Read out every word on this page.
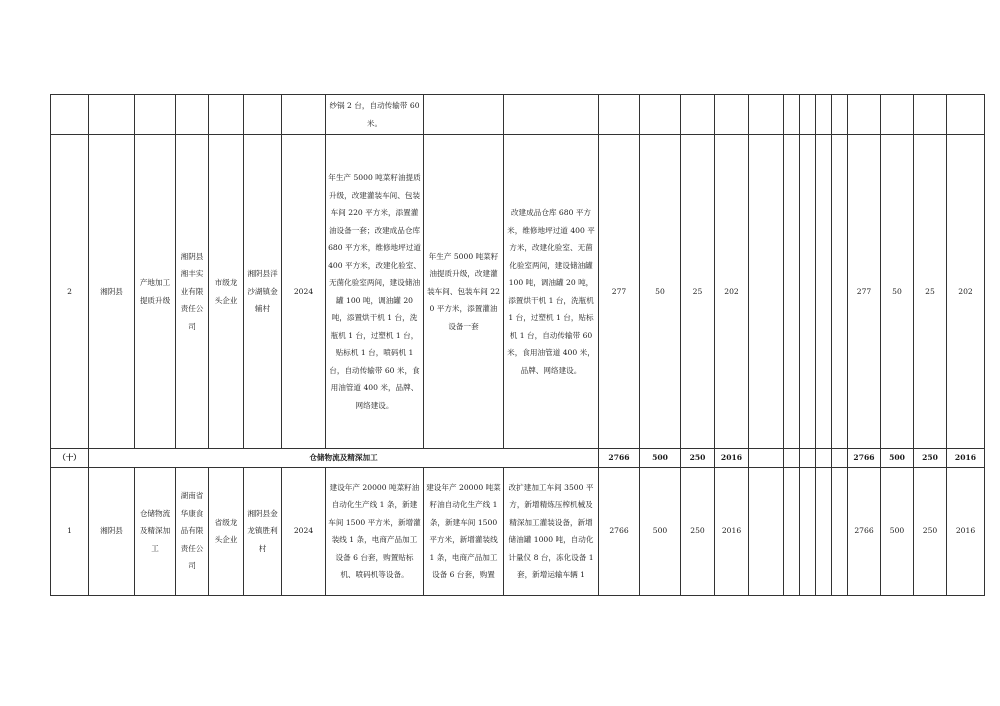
							纱锅 2 台，自动传输带 60 米。															
2	湘阴县	产地加工提质升级	湘阴县湘丰实业有限责任公司	市级龙头企业	湘阴县洋沙湖镇金辅村	2024	年生产 5000 吨菜籽油提质升级，改建灌装车间、包装车间 220 平方米，添置灌油设备一套；改建成品仓库 680 平方米，维修地坪过道 400 平方米，改建化验室、无菌化验室两间，建设储油罐 100 吨，调油罐 20 吨，添置烘干机 1 台，洗瓶机 1 台，过塑机 1 台，贴标机 1 台，喷码机 1 台，自动传输带 60 米，食用油管道 400 米，品牌、网络建设。	年生产 5000 吨菜籽油提质升级，改建灌装车间、包装车间 220 平方米，添置灌油设备一套	改建成品仓库 680 平方米，维修地坪过道 400 平方米，改建化验室、无菌化验室两间，建设储油罐 100 吨，调油罐 20 吨，添置烘干机 1 台，洗瓶机 1 台，过塑机 1 台，贴标机 1 台，自动传输带 60 米，食用油管道 400 米，品牌、网络建设。	277	50	25	202						277	50	25	202
（十）	仓储物流及精深加工									2766	500	250	2016						2766	500	250	2016
1	湘阴县	仓储物流及精深加工	湖南省华康食品有限责任公司	省级龙头企业	湘阴县金龙镇胜利村	2024	建设年产 20000 吨菜籽油自动化生产线 1 条，新建车间 1500 平方米，新增灌装线 1 条，电商产品加工设备 6 台套，购置贴标机、喷码机等设备。	建设年产 20000 吨菜籽油自动化生产线 1 条，新建车间 1500 平方米，新增灌装线 1 条，电商产品加工设备 6 台套，购置	改扩建加工车间 3500 平方，新增精炼压榨机械及精深加工灌装设备，新增储油罐 1000 吨，自动化计量仪 8 台，冻化设备 1 套，新增运输车辆 1	2766	500	250	2016						2766	500	250	2016
